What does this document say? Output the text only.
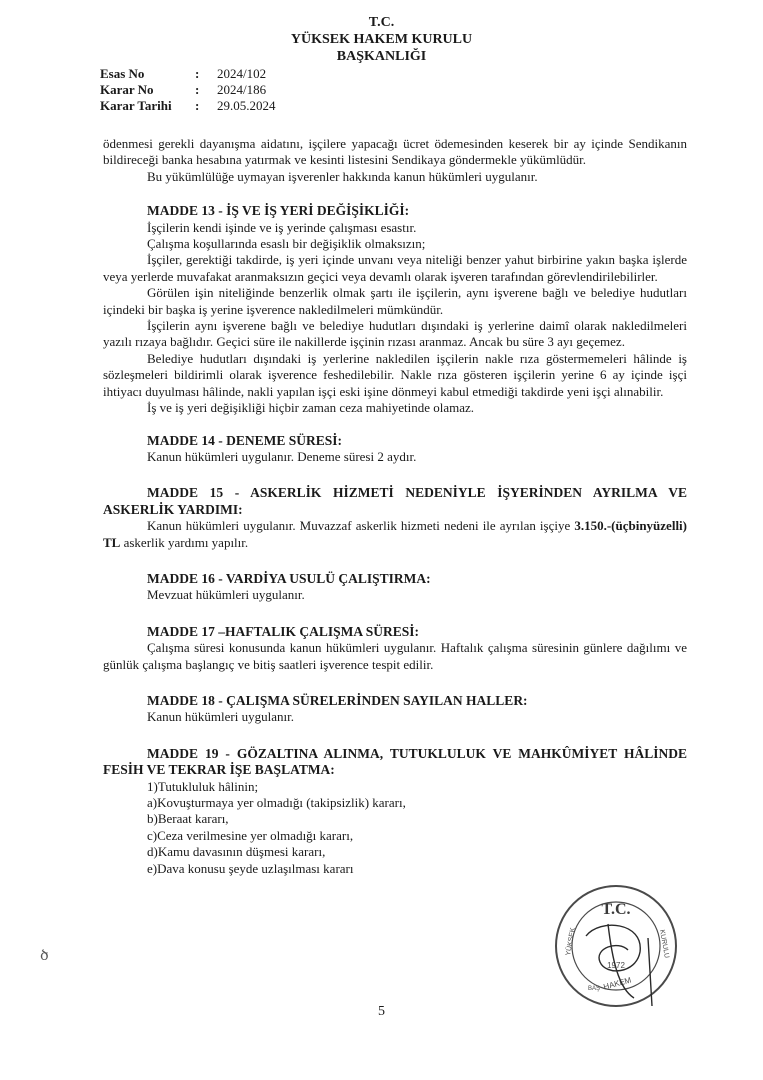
T.C.
YÜKSEK HAKEM KURULU
BAŞKANLIĞI
Esas No	:	2024/102
Karar No	:	2024/186
Karar Tarihi	:	29.05.2024

ödenmesi gerekli dayanışma aidatını, işçilere yapacağı ücret ödemesinden keserek bir ay içinde Sendikanın bildireceği banka hesabına yatırmak ve kesinti listesini Sendikaya göndermekle yükümlüdür.

Bu yükümlülüğe uymayan işverenler hakkında kanun hükümleri uygulanır.

MADDE 13 - İŞ VE İŞ YERİ DEĞİŞİKLİĞİ:

İşçilerin kendi işinde ve iş yerinde çalışması esastır.

Çalışma koşullarında esaslı bir değişiklik olmaksızın;

İşçiler, gerektiği takdirde, iş yeri içinde unvanı veya niteliği benzer yahut birbirine yakın başka işlerde veya yerlerde muvafakat aranmaksızın geçici veya devamlı olarak işveren tarafından görevlendirilebilirler.

Görülen işin niteliğinde benzerlik olmak şartı ile işçilerin, aynı işverene bağlı ve belediye hudutları içindeki bir başka iş yerine işverence nakledilmeleri mümkündür.

İşçilerin aynı işverene bağlı ve belediye hudutları dışındaki iş yerlerine daimî olarak nakledilmeleri yazılı rızaya bağlıdır. Geçici süre ile nakillerde işçinin rızası aranmaz. Ancak bu süre 3 ayı geçemez.

Belediye hudutları dışındaki iş yerlerine nakledilen işçilerin nakle rıza göstermemeleri hâlinde iş sözleşmeleri bildirimli olarak işverence feshedilebilir. Nakle rıza gösteren işçilerin yerine 6 ay içinde işçi ihtiyacı duyulması hâlinde, nakli yapılan işçi eski işine dönmeyi kabul etmediği takdirde yeni işçi alınabilir.

İş ve iş yeri değişikliği hiçbir zaman ceza mahiyetinde olamaz.

MADDE 14 - DENEME SÜRESİ:

Kanun hükümleri uygulanır. Deneme süresi 2 aydır.

MADDE 15 - ASKERLİK HİZMETİ NEDENİYLE İŞYERİNDEN AYRILMA VE ASKERLİK YARDIMI:

Kanun hükümleri uygulanır. Muvazzaf askerlik hizmeti nedeni ile ayrılan işçiye 3.150.-(üçbinyüzelli) TL askerlik yardımı yapılır.

MADDE 16 - VARDİYA USULÜ ÇALIŞTIRMA:

Mevzuat hükümleri uygulanır.

MADDE 17 –HAFTALIK ÇALIŞMA SÜRESİ:

Çalışma süresi konusunda kanun hükümleri uygulanır. Haftalık çalışma süresinin günlere dağılımı ve günlük çalışma başlangıç ve bitiş saatleri işverence tespit edilir.

MADDE 18 - ÇALIŞMA SÜRELERİNDEN SAYILAN HALLER:

Kanun hükümleri uygulanır.

MADDE 19 - GÖZALTINA ALINMA, TUTUKLULUK VE MAHKÛMİYET HÂLİNDE FESİH VE TEKRAR İŞE BAŞLATMA:

1)Tutukluluk hâlinin;

a)Kovuşturmaya yer olmadığı (takipsizlik) kararı,

b)Beraat kararı,

c)Ceza verilmesine yer olmadığı kararı,

d)Kamu davasının düşmesi kararı,

e)Dava konusu şeyde uzlaşılması kararı

T.C.
YÜKSEK	KURULU
HAKEM
BAŞ
1972
ծ
5
